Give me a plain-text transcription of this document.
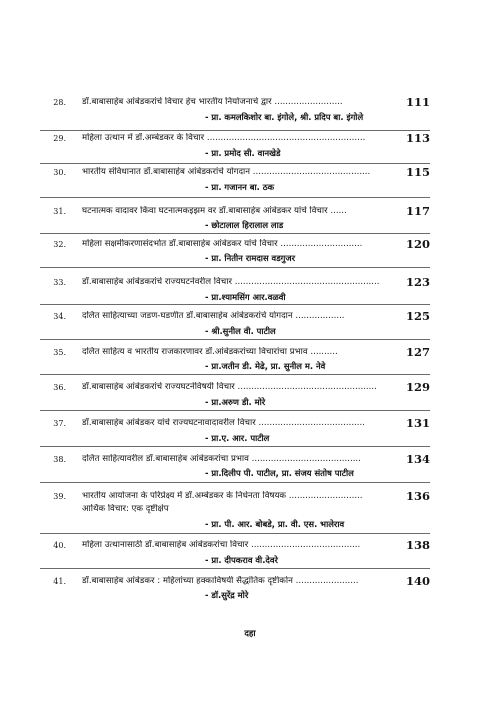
28. डॉ.बाबासाहेब आंबेडकरांचे विचार हेच भारतीय नियोजनाचे द्वार .........................	111
- प्रा. कमलकिशोर बा. इंगोले, श्री. प्रदिप बा. इंगोले
29. महिला उत्थान में डॉ.अम्बेडकर के विचार ..........................................................	113
- प्रा. प्रमोद सी. वानखेडे
30. भारतीय संविधानात डॉ.बाबासाहेब आंबेडकरांचे योगदान ...........................................	115
- प्रा. गजानन बा. ठक
31. घटनात्मक वादावर किंवा घटनात्मकइझम वर डॉ.बाबासाहेब आंबेडकर यांचे विचार ......	117
- छोटालाल हिरालाल लाड
32. महिला सक्षमीकरणासंदर्भात डॉ.बाबासाहेब आंबेडकर यांचे विचार ..............................	120
- प्रा. नितीन रामदास वडगुजर
33. डॉ.बाबासाहेब आंबेडकरांचे राज्यघटनेवरील विचार .....................................................	123
- प्रा.श्यामसिंग आर.वळवी
34. दलित साहित्याच्या जडण-घडणीत डॉ.बाबासाहेब आंबेडकरांचे योगदान ..................	125
- श्री.सुनील वी. पाटील
35. दलित साहित्य व भारतीय राजकारणावर डॉ.आंबेडकरांच्या विचारांचा प्रभाव ..........	127
- प्रा.जतीन डी. मेढे, प्रा. सुनील म. नेवे
36. डॉ.बाबासाहेब आंबेडकरांचे राज्यघटनेविषयी विचार ...................................................	129
- प्रा.अरुण डी. मोरे
37. डॉ.बाबासाहेब आंबेडकर यांचे राज्यघटनावादावरील विचार .......................................	131
- प्रा.ए. आर. पाटील
38. दलित साहित्यावरील डॉ.बाबासाहेब आंबेडकरांचा प्रभाव ........................................	134
- प्रा.दिलीप पी. पाटील, प्रा. संजय संतोष पाटील
39. भारतीय आयोजना के परिप्रेक्ष्य में डॉ.अम्बेडकर के निर्धनता विषयक ...........................
आर्थिक विचार: एक दृष्टीक्षेप
136
- प्रा. पी. आर. बोबडे, प्रा. वी. एस. भालेराव
40. महिला उत्थानासाठी डॉ.बाबासाहेब आंबेडकरांचा विचार ........................................	138
- प्रा. दीपकराव वी.देवरे
41. डॉ.बाबासाहेब आंबेडकर : महिलांच्या हक्काविषयी सैद्धांतिक दृष्टीकोन .......................	140
- डॉ.सुरेंद्र मोरे
दहा
